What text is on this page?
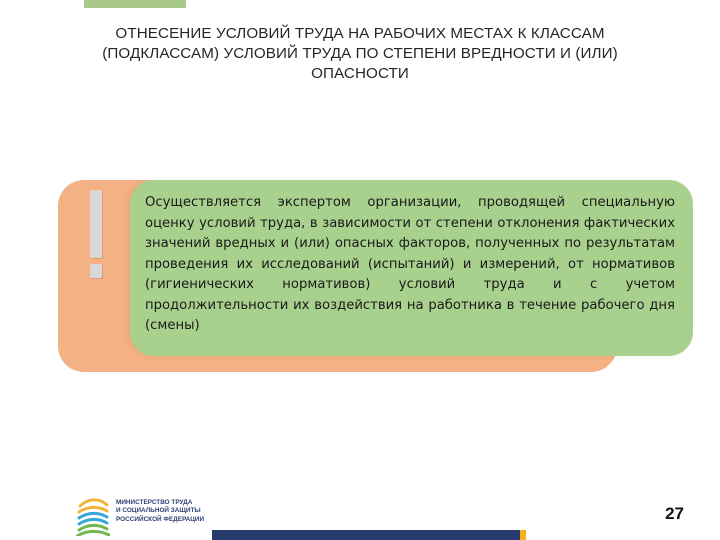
ОТНЕСЕНИЕ УСЛОВИЙ ТРУДА НА РАБОЧИХ МЕСТАХ К КЛАССАМ
(ПОДКЛАССАМ) УСЛОВИЙ ТРУДА ПО СТЕПЕНИ ВРЕДНОСТИ И (ИЛИ)
ОПАСНОСТИ

Осуществляется экспертом организации, проводящей специальную оценку условий труда, в зависимости от степени отклонения фактических значений вредных и (или) опасных факторов, полученных по результатам проведения их исследований (испытаний) и измерений, от нормативов (гигиенических нормативов) условий труда и с учетом продолжительности их воздействия на работника в течение рабочего дня (смены)

МИНИСТЕРСТВО ТРУДА
И СОЦИАЛЬНОЙ ЗАЩИТЫ
РОССИЙСКОЙ ФЕДЕРАЦИИ	27
